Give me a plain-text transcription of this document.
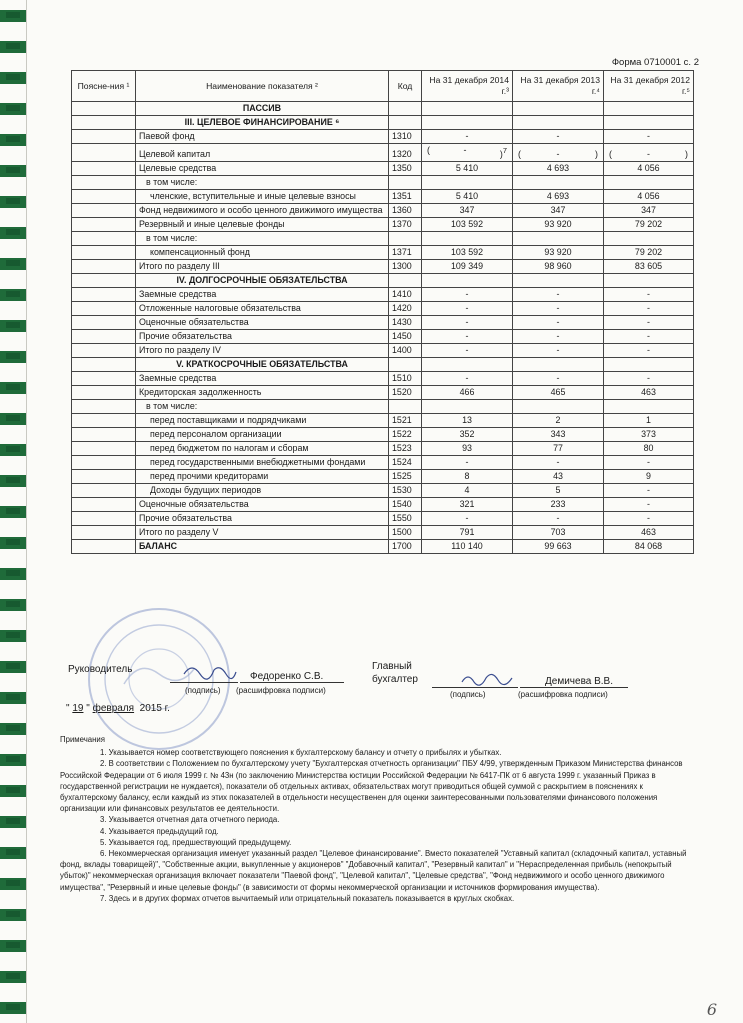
Форма 0710001 с. 2
Поясне-ния ¹	Наименование показателя ²	Код	На 31 декабря 2014 г.³	На 31 декабря 2013 г.⁴	На 31 декабря 2012 г.⁵
	ПАССИВ				
	III. ЦЕЛЕВОЕ ФИНАНСИРОВАНИЕ ⁶				
	Паевой фонд	1310	-	-	-
	Целевой капитал	1320	( - )$^7$	( - )	( - )

	Целевые средства	1350	5 410	4 693	4 056
	в том числе:				
	членские, вступительные и иные целевые взносы	1351	5 410	4 693	4 056
	Фонд недвижимого и особо ценного движимого имущества	1360	347	347	347
	Резервный и иные целевые фонды	1370	103 592	93 920	79 202
	в том числе:				
	компенсационный фонд	1371	103 592	93 920	79 202
	Итого по разделу III	1300	109 349	98 960	83 605
	IV. ДОЛГОСРОЧНЫЕ ОБЯЗАТЕЛЬСТВА				
	Заемные средства	1410	-	-	-
	Отложенные налоговые обязательства	1420	-	-	-
	Оценочные обязательства	1430	-	-	-
	Прочие обязательства	1450	-	-	-
	Итого по разделу IV	1400	-	-	-
	V. КРАТКОСРОЧНЫЕ ОБЯЗАТЕЛЬСТВА				
	Заемные средства	1510	-	-	-
	Кредиторская задолженность	1520	466	465	463
	в том числе:				
	перед поставщиками и подрядчиками	1521	13	2	1
	перед персоналом организации	1522	352	343	373
	перед бюджетом по налогам и сборам	1523	93	77	80
	перед государственными внебюджетными фондами	1524	-	-	-
	перед прочими кредиторами	1525	8	43	9
	Доходы будущих периодов	1530	4	5	-
	Оценочные обязательства	1540	321	233	-
	Прочие обязательства	1550	-	-	-
	Итого по разделу V	1500	791	703	463
	БАЛАНС	1700	110 140	99 663	84 068
Руководитель
Федоренко С.В.
(подпись) (расшифровка подписи)
Главный
бухгалтер	Демичева В.В.
(подпись)	(расшифровка подписи)
" 19 " февраля 2015 г.
Примечания

1. Указывается номер соответствующего пояснения к бухгалтерскому балансу и отчету о прибылях и убытках.

2. В соответствии с Положением по бухгалтерскому учету "Бухгалтерская отчетность организации" ПБУ 4/99, утвержденным Приказом Министерства финансов Российской Федерации от 6 июля 1999 г. № 43н (по заключению Министерства юстиции Российской Федерации № 6417-ПК от 6 августа 1999 г. указанный Приказ в государственной регистрации не нуждается), показатели об отдельных активах, обязательствах могут приводиться общей суммой с раскрытием в пояснениях к бухгалтерскому балансу, если каждый из этих показателей в отдельности несущественен для оценки заинтересованными пользователями финансового положения организации или финансовых результатов ее деятельности.

3. Указывается отчетная дата отчетного периода.

4. Указывается предыдущий год.

5. Указывается год, предшествующий предыдущему.

6. Некоммерческая организация именует указанный раздел "Целевое финансирование". Вместо показателей "Уставный капитал (складочный капитал, уставный фонд, вклады товарищей)", "Собственные акции, выкупленные у акционеров" "Добавочный капитал", "Резервный капитал" и "Нераспределенная прибыль (непокрытый убыток)" некоммерческая организация включает показатели "Паевой фонд", "Целевой капитал", "Целевые средства", "Фонд недвижимого и особо ценного движимого имущества", "Резервный и иные целевые фонды" (в зависимости от формы некоммерческой организации и источников формирования имущества).

7. Здесь и в других формах отчетов вычитаемый или отрицательный показатель показывается в круглых скобках.

6
